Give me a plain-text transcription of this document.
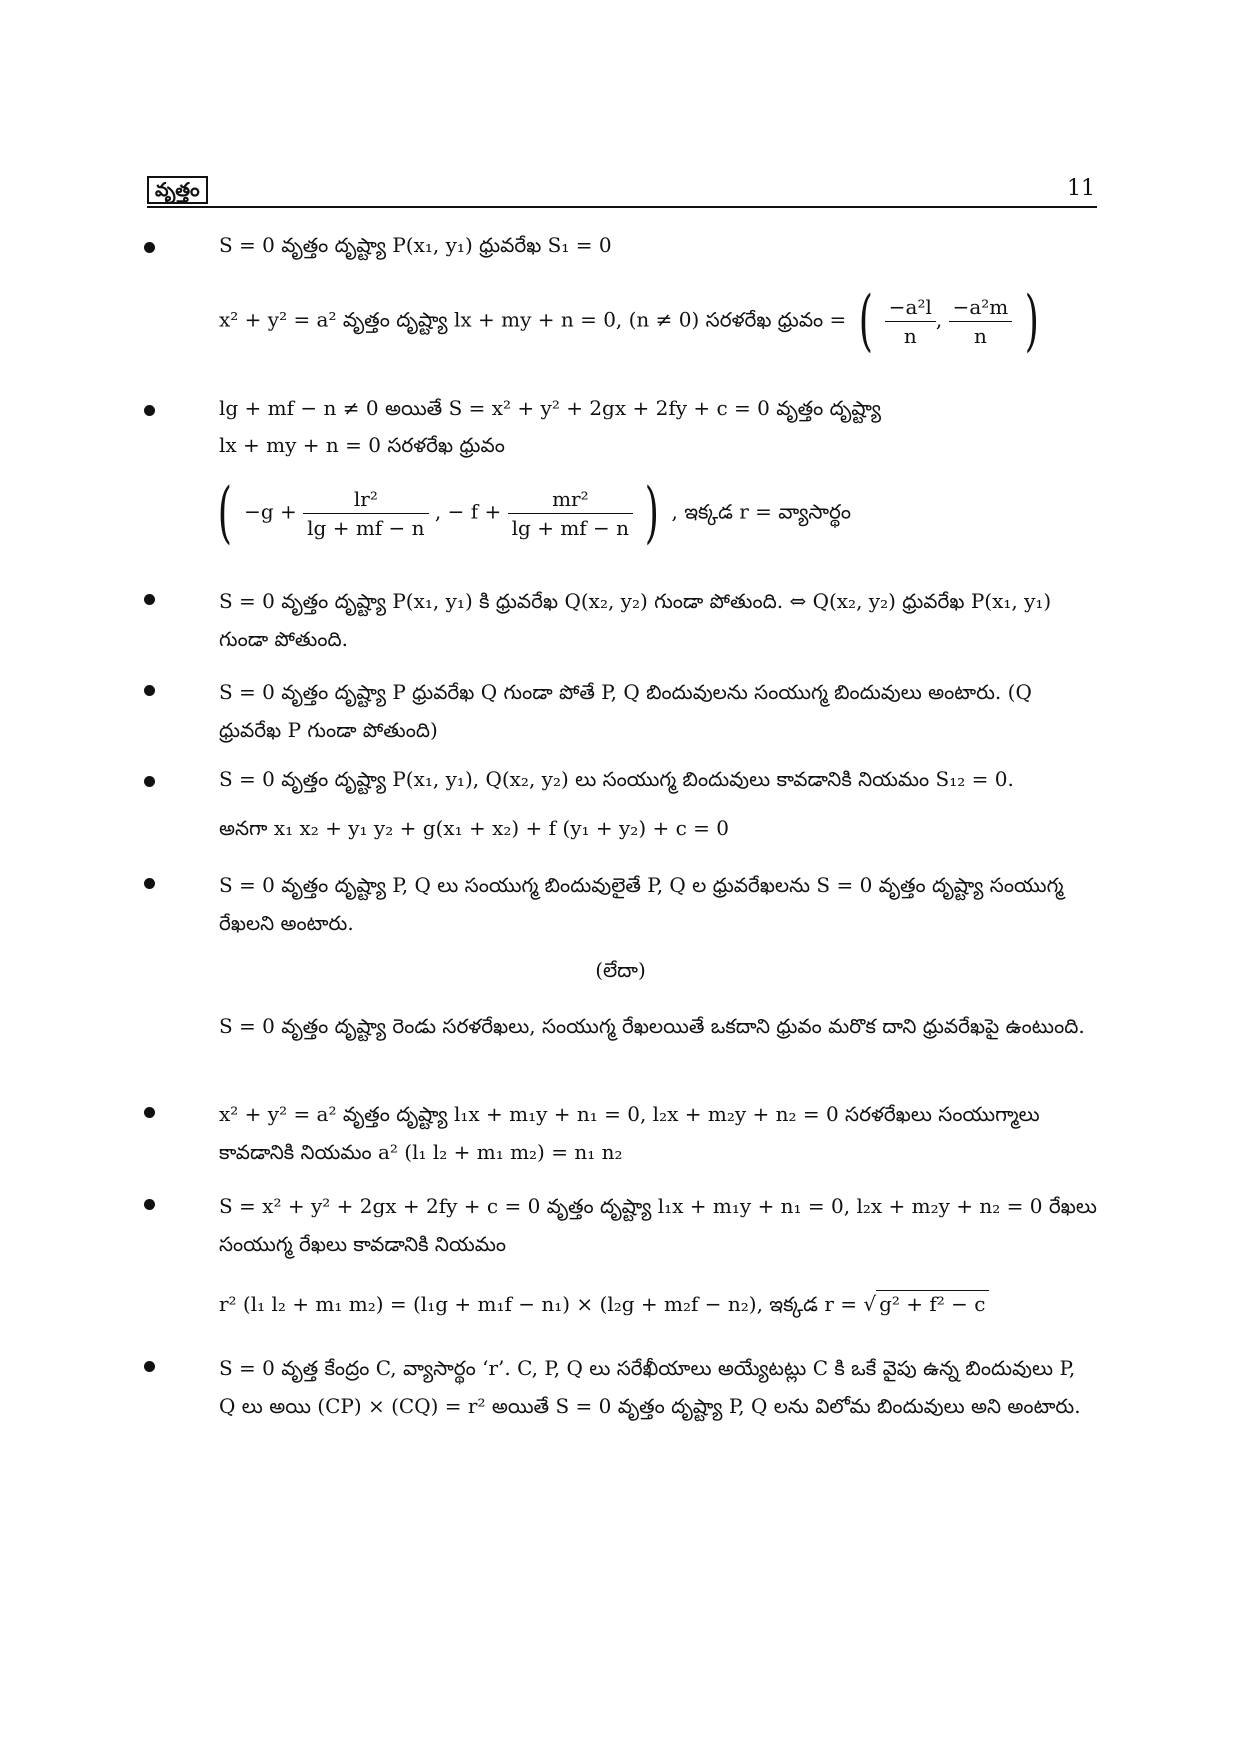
వృత్తం	11
S = 0 వృత్తం దృష్ట్యా P(x₁, y₁) ధ్రువరేఖ S₁ = 0
x² + y² = a² వృత్తం దృష్ట్యా lx + my + n = 0, (n ≠ 0) సరళరేఖ ధ్రువం = ( $\frac{\text{−a²l}}{n}$ , $\frac{\text{−a²m}}{n}$ )
lg + mf − n ≠ 0 అయితే S = x² + y² + 2gx + 2fy + c = 0 వృత్తం దృష్ట్యా
lx + my + n = 0 సరళరేఖ ధ్రువం
( $-g + \frac{\text{lr²}}{\lg + mf - n}$ , − $f + \frac{\text{mr²}}{\lg + mf - n}$ ) , ఇక్కడ r = వ్యాసార్థం
S = 0 వృత్తం దృష్ట్యా P(x₁, y₁) కి ధ్రువరేఖ Q(x₂, y₂) గుండా పోతుంది. ⇔ Q(x₂, y₂) ధ్రువరేఖ P(x₁, y₁) గుండా పోతుంది.
S = 0 వృత్తం దృష్ట్యా P ధ్రువరేఖ Q గుండా పోతే P, Q బిందువులను సంయుగ్మ బిందువులు అంటారు. (Q ధ్రువరేఖ P గుండా పోతుంది)
S = 0 వృత్తం దృష్ట్యా P(x₁, y₁), Q(x₂, y₂) లు సంయుగ్మ బిందువులు కావడానికి నియమం S₁₂ = 0.
అనగా x₁ x₂ + y₁ y₂ + g(x₁ + x₂) + f (y₁ + y₂) + c = 0
S = 0 వృత్తం దృష్ట్యా P, Q లు సంయుగ్మ బిందువులైతే P, Q ల ధ్రువరేఖలను S = 0 వృత్తం దృష్ట్యా సంయుగ్మ రేఖలని అంటారు.
(లేదా)
S = 0 వృత్తం దృష్ట్యా రెండు సరళరేఖలు, సంయుగ్మ రేఖలయితే ఒకదాని ధ్రువం మరొక దాని ధ్రువరేఖపై ఉంటుంది.
x² + y² = a² వృత్తం దృష్ట్యా l₁x + m₁y + n₁ = 0, l₂x + m₂y + n₂ = 0 సరళరేఖలు సంయుగ్మాలు కావడానికి నియమం a² (l₁ l₂ + m₁ m₂) = n₁ n₂
S = x² + y² + 2gx + 2fy + c = 0 వృత్తం దృష్ట్యా l₁x + m₁y + n₁ = 0, l₂x + m₂y + n₂ = 0 రేఖలు సంయుగ్మ రేఖలు కావడానికి నియమం
r² (l₁ l₂ + m₁ m₂) = (l₁g + m₁f − n₁) × (l₂g + m₂f − n₂), ఇక్కడ r = √ g² + f² − c
S = 0 వృత్త కేంద్రం C, వ్యాసార్థం ‘r’. C, P, Q లు సరేఖీయాలు అయ్యేటట్లు C కి ఒకే వైపు ఉన్న బిందువులు P, Q లు అయి (CP) × (CQ) = r² అయితే S = 0 వృత్తం దృష్ట్యా P, Q లను విలోమ బిందువులు అని అంటారు.
